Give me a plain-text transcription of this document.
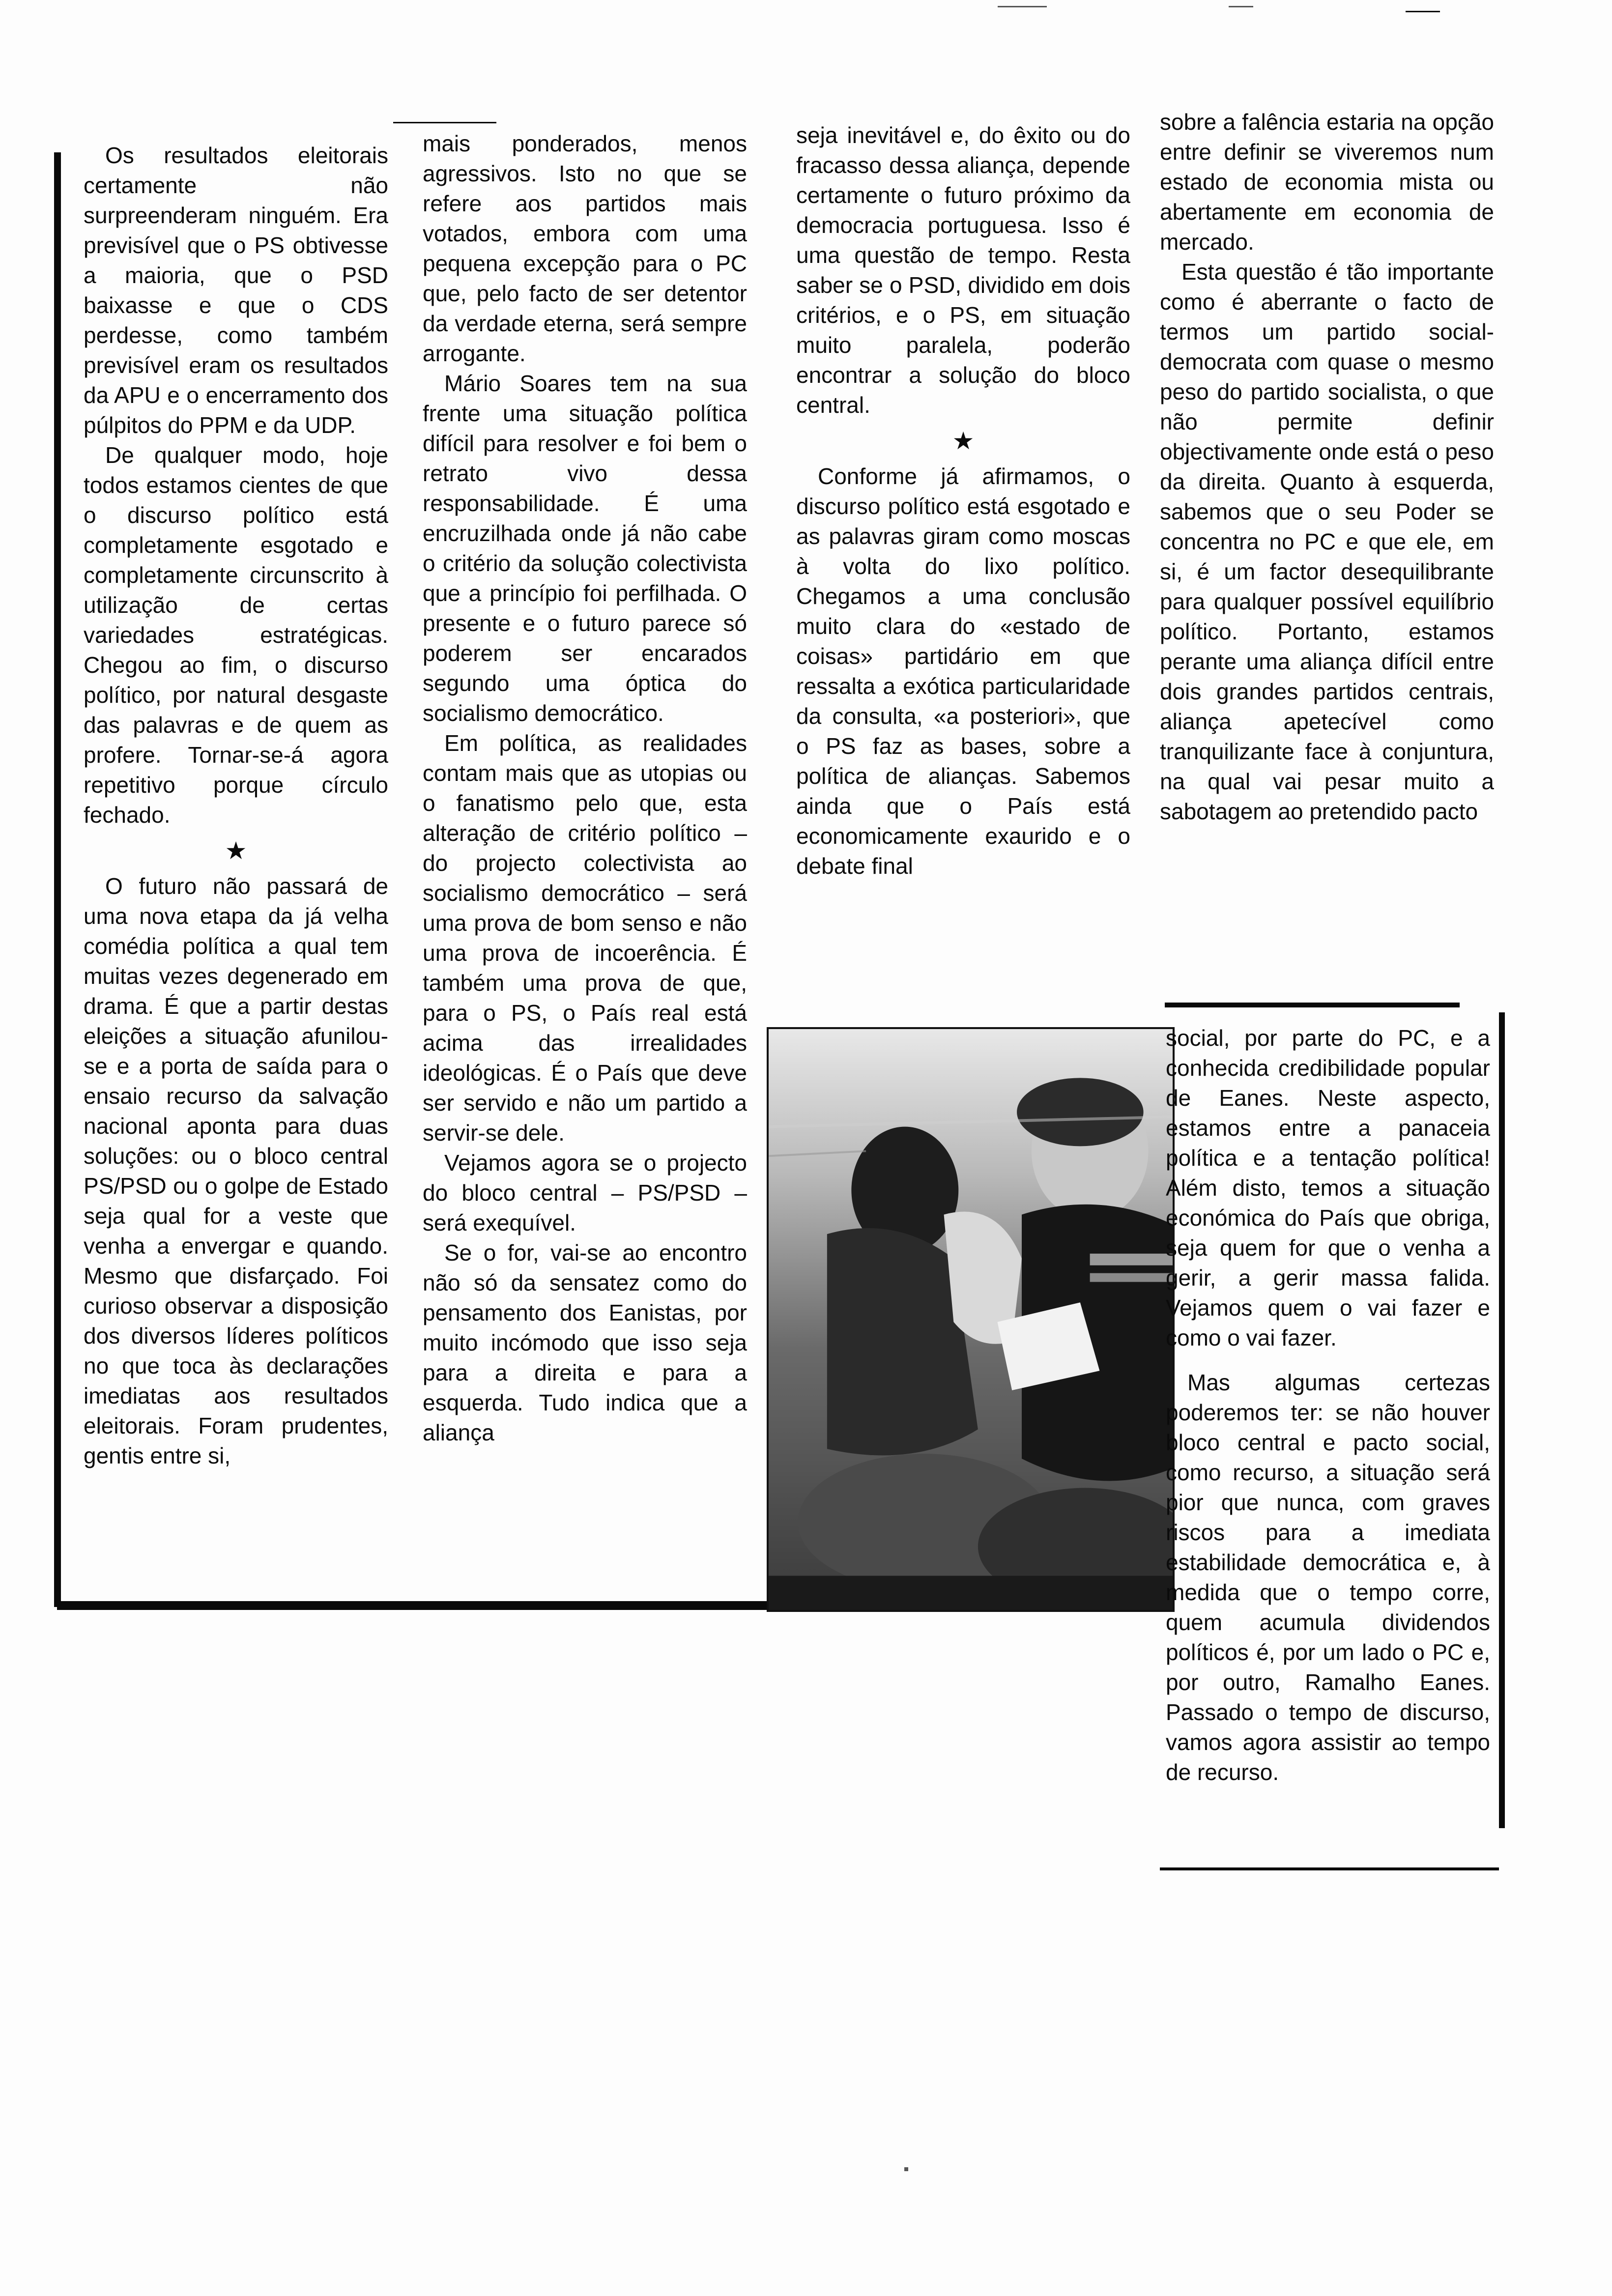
Os resultados eleitorais certamente não surpreenderam ninguém. Era previsível que o PS obtivesse a maioria, que o PSD baixasse e que o CDS perdesse, como também previsível eram os resultados da APU e o encerramento dos púlpitos do PPM e da UDP.

De qualquer modo, hoje todos estamos cientes de que o discurso político está completamente esgotado e completamente circunscrito à utilização de certas variedades estratégicas. Chegou ao fim, o discurso político, por natural desgaste das palavras e de quem as profere. Tornar-se-á agora repetitivo porque círculo fechado.

★

O futuro não passará de uma nova etapa da já velha comédia política a qual tem muitas vezes degenerado em drama. É que a partir destas eleições a situação afunilou-se e a porta de saída para o ensaio recurso da salvação nacional aponta para duas soluções: ou o bloco central PS/PSD ou o golpe de Estado seja qual for a veste que venha a envergar e quando. Mesmo que disfarçado. Foi curioso observar a disposição dos diversos líderes políticos no que toca às declarações imediatas aos resultados eleitorais. Foram prudentes, gentis entre si,

mais ponderados, menos agressivos. Isto no que se refere aos partidos mais votados, embora com uma pequena excepção para o PC que, pelo facto de ser detentor da verdade eterna, será sempre arrogante.

Mário Soares tem na sua frente uma situação política difícil para resolver e foi bem o retrato vivo dessa responsabilidade. É uma encruzilhada onde já não cabe o critério da solução colectivista que a princípio foi perfilhada. O presente e o futuro parece só poderem ser encarados segundo uma óptica do socialismo democrático.

Em política, as realidades contam mais que as utopias ou o fanatismo pelo que, esta alteração de critério político – do projecto colectivista ao socialismo democrático – será uma prova de bom senso e não uma prova de incoerência. É também uma prova de que, para o PS, o País real está acima das irrealidades ideológicas. É o País que deve ser servido e não um partido a servir-se dele.

Vejamos agora se o projecto do bloco central – PS/PSD – será exequível.

Se o for, vai-se ao encontro não só da sensatez como do pensamento dos Eanistas, por muito incómodo que isso seja para a direita e para a esquerda. Tudo indica que a aliança

seja inevitável e, do êxito ou do fracasso dessa aliança, depende certamente o futuro próximo da democracia portuguesa. Isso é uma questão de tempo. Resta saber se o PSD, dividido em dois critérios, e o PS, em situação muito paralela, poderão encontrar a solução do bloco central.

★

Conforme já afirmamos, o discurso político está esgotado e as palavras giram como moscas à volta do lixo político. Chegamos a uma conclusão muito clara do «estado de coisas» partidário em que ressalta a exótica particularidade da consulta, «a posteriori», que o PS faz as bases, sobre a política de alianças. Sabemos ainda que o País está economicamente exaurido e o debate final

sobre a falência estaria na opção entre definir se viveremos num estado de economia mista ou abertamente em economia de mercado.

Esta questão é tão importante como é aberrante o facto de termos um partido social-democrata com quase o mesmo peso do partido socialista, o que não permite definir objectivamente onde está o peso da direita. Quanto à esquerda, sabemos que o seu Poder se concentra no PC e que ele, em si, é um factor desequilibrante para qualquer possível equilíbrio político. Portanto, estamos perante uma aliança difícil entre dois grandes partidos centrais, aliança apetecível como tranquilizante face à conjuntura, na qual vai pesar muito a sabotagem ao pretendido pacto

social, por parte do PC, e a conhecida credibilidade popular de Eanes. Neste aspecto, estamos entre a panaceia política e a tentação política! Além disto, temos a situação económica do País que obriga, seja quem for que o venha a gerir, a gerir massa falida. Vejamos quem o vai fazer e como o vai fazer.

Mas algumas certezas poderemos ter: se não houver bloco central e pacto social, como recurso, a situação será pior que nunca, com graves riscos para a imediata estabilidade democrática e, à medida que o tempo corre, quem acumula dividendos políticos é, por um lado o PC e, por outro, Ramalho Eanes. Passado o tempo de discurso, vamos agora assistir ao tempo de recurso.
